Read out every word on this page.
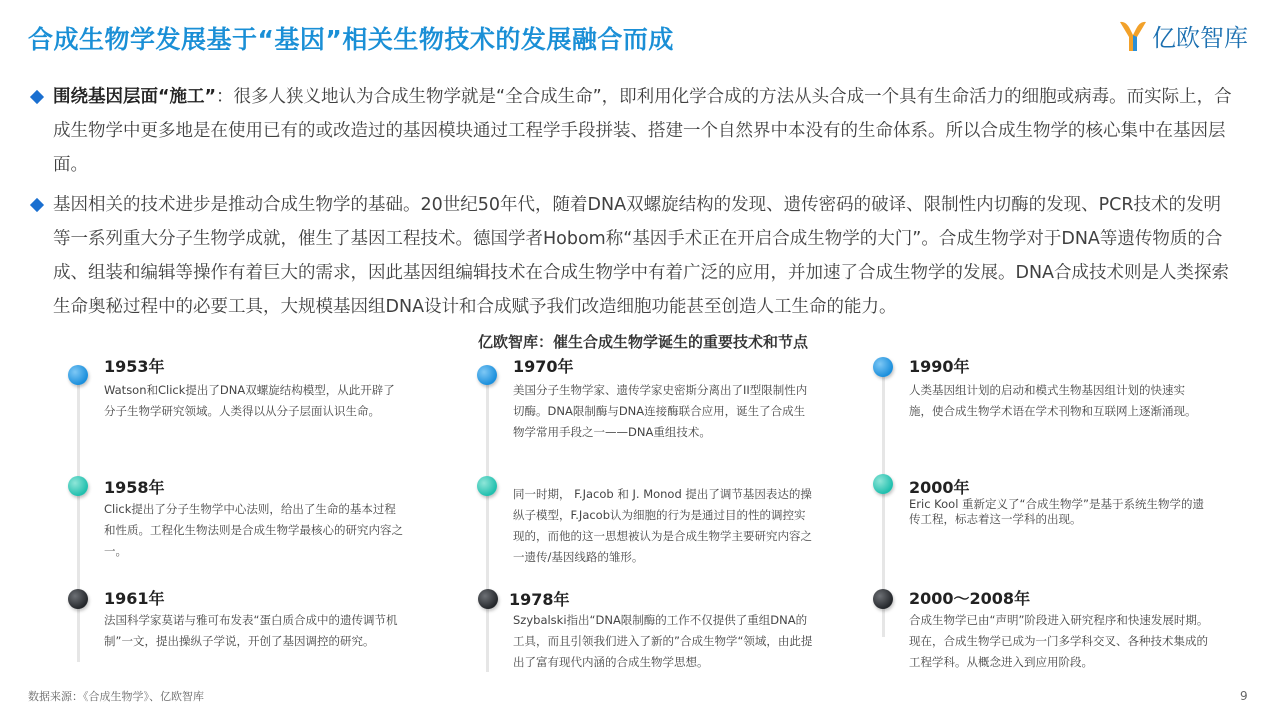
合成生物学发展基于“基因”相关生物技术的发展融合而成	亿欧智库
围绕基因层面“施工”：很多人狭义地认为合成生物学就是“全合成生命”，即利用化学合成的方法从头合成一个具有生命活力的细胞或病毒。而实际上，合成生物学中更多地是在使用已有的或改造过的基因模块通过工程学手段拼装、搭建一个自然界中本没有的生命体系。所以合成生物学的核心集中在基因层面。
基因相关的技术进步是推动合成生物学的基础。20世纪50年代，随着DNA双螺旋结构的发现、遗传密码的破译、限制性内切酶的发现、PCR技术的发明等一系列重大分子生物学成就，催生了基因工程技术。德国学者Hobom称“基因手术正在开启合成生物学的大门”。合成生物学对于DNA等遗传物质的合成、组装和编辑等操作有着巨大的需求，因此基因组编辑技术在合成生物学中有着广泛的应用，并加速了合成生物学的发展。DNA合成技术则是人类探索生命奥秘过程中的必要工具，大规模基因组DNA设计和合成赋予我们改造细胞功能甚至创造人工生命的能力。
亿欧智库：催生合成生物学诞生的重要技术和节点
1953年
Watson和Click提出了DNA双螺旋结构模型，从此开辟了分子生物学研究领域。人类得以从分子层面认识生命。
1958年
Click提出了分子生物学中心法则，给出了生命的基本过程和性质。工程化生物法则是合成生物学最核心的研究内容之一。
1961年
法国科学家莫诺与雅可布发表“蛋白质合成中的遗传调节机制”一文，提出操纵子学说，开创了基因调控的研究。
1970年
美国分子生物学家、遗传学家史密斯分离出了II型限制性内切酶。DNA限制酶与DNA连接酶联合应用，诞生了合成生物学常用手段之一——DNA重组技术。
同一时期， F.Jacob 和 J. Monod 提出了调节基因表达的操纵子模型，F.Jacob认为细胞的行为是通过目的性的调控实现的，而他的这一思想被认为是合成生物学主要研究内容之一遗传/基因线路的雏形。
1978年
Szybalski指出“DNA限制酶的工作不仅提供了重组DNA的工具，而且引领我们进入了新的”合成生物学“领域，由此提出了富有现代内涵的合成生物学思想。
1990年
人类基因组计划的启动和模式生物基因组计划的快速实施，使合成生物学术语在学术刊物和互联网上逐渐涌现。
2000年
Eric Kool 重新定义了“合成生物学”是基于系统生物学的遗传工程，标志着这一学科的出现。
2000～2008年
合成生物学已由“声明”阶段进入研究程序和快速发展时期。现在，合成生物学已成为一门多学科交叉、各种技术集成的工程学科。从概念进入到应用阶段。
数据来源：《合成生物学》、亿欧智库	9
